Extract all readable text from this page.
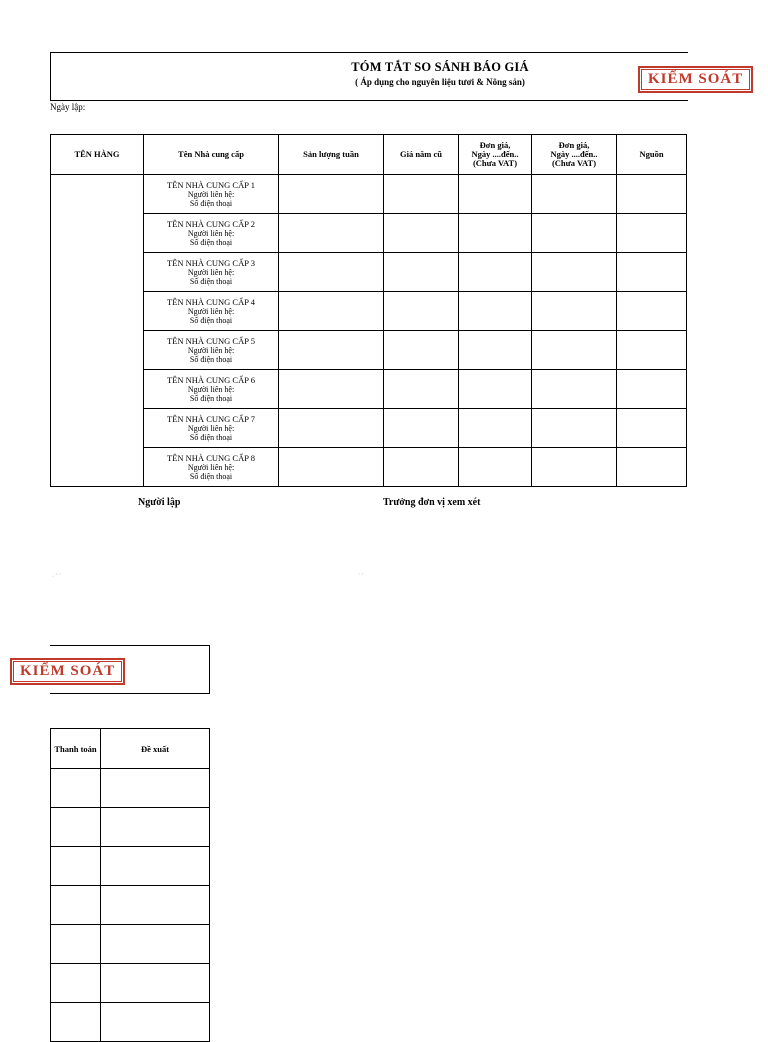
TÓM TẮT SO SÁNH BÁO GIÁ
( Áp dụng cho nguyên liệu tươi & Nông sản)	KIỂM SOÁT
Ngày lập:
TÊN HÀNG	Tên Nhà cung cấp	Sản lượng tuần	Giá năm cũ	Đơn giá,
Ngày ....đến..
(Chưa VAT)	Đơn giá,
Ngày ....đến..
(Chưa VAT)	Nguồn

	TÊN NHÀ CUNG CẤP 1
Người liên hệ:
Số điện thoại					

	TÊN NHÀ CUNG CẤP 2
Người liên hệ:
Số điện thoại					

	TÊN NHÀ CUNG CẤP 3
Người liên hệ:
Số điện thoại					

	TÊN NHÀ CUNG CẤP 4
Người liên hệ:
Số điện thoại					

	TÊN NHÀ CUNG CẤP 5
Người liên hệ:
Số điện thoại					

	TÊN NHÀ CUNG CẤP 6
Người liên hệ:
Số điện thoại					

	TÊN NHÀ CUNG CẤP 7
Người liên hệ:
Số điện thoại					

	TÊN NHÀ CUNG CẤP 8
Người liên hệ:
Số điện thoại					

Người lập	Trưởng đơn vị xem xét
· ˜ ˊ	ˋ ˊ
KIỂM SOÁT
Thanh toán	Đề xuất
